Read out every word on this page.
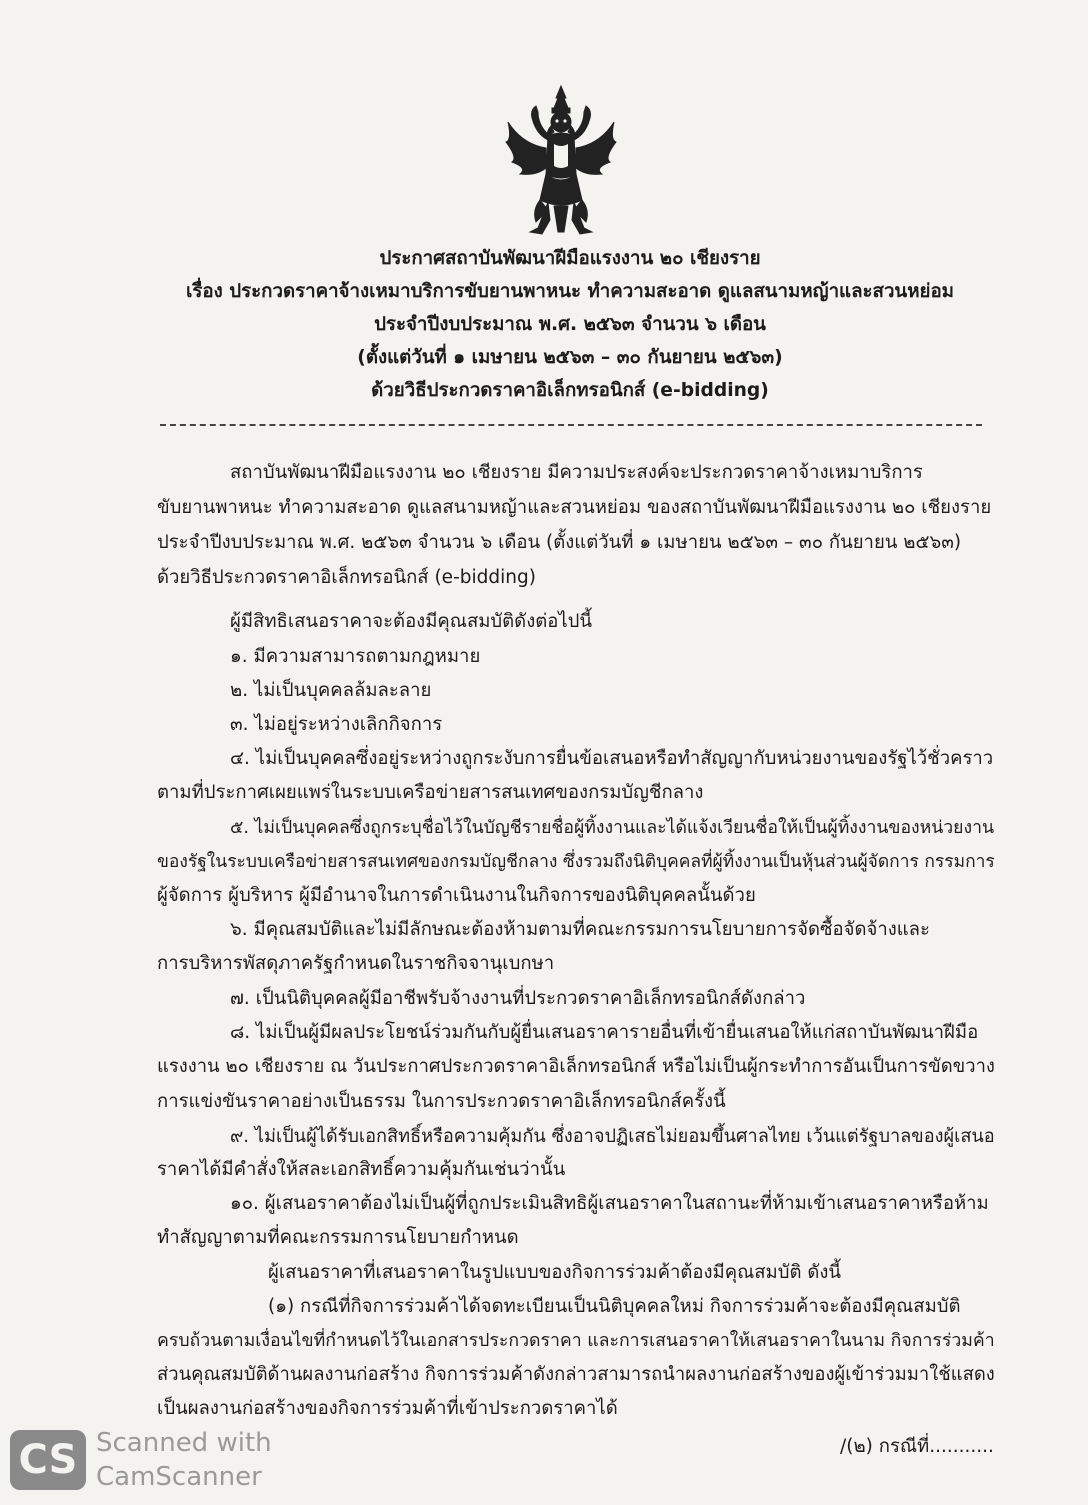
ประกาศสถาบันพัฒนาฝีมือแรงงาน ๒๐ เชียงราย
เรื่อง ประกวดราคาจ้างเหมาบริการขับยานพาหนะ ทำความสะอาด ดูแลสนามหญ้าและสวนหย่อม
ประจำปีงบประมาณ พ.ศ. ๒๕๖๓ จำนวน ๖ เดือน
(ตั้งแต่วันที่ ๑ เมษายน ๒๕๖๓ – ๓๐ กันยายน ๒๕๖๓)
ด้วยวิธีประกวดราคาอิเล็กทรอนิกส์ (e-bidding)
สถาบันพัฒนาฝีมือแรงงาน ๒๐ เชียงราย มีความประสงค์จะประกวดราคาจ้างเหมาบริการ
ขับยานพาหนะ ทำความสะอาด ดูแลสนามหญ้าและสวนหย่อม ของสถาบันพัฒนาฝีมือแรงงาน ๒๐ เชียงราย
ประจำปีงบประมาณ พ.ศ. ๒๕๖๓ จำนวน ๖ เดือน (ตั้งแต่วันที่ ๑ เมษายน ๒๕๖๓ – ๓๐ กันยายน ๒๕๖๓)
ด้วยวิธีประกวดราคาอิเล็กทรอนิกส์ (e-bidding)
ผู้มีสิทธิเสนอราคาจะต้องมีคุณสมบัติดังต่อไปนี้
๑. มีความสามารถตามกฎหมาย
๒. ไม่เป็นบุคคลล้มละลาย
๓. ไม่อยู่ระหว่างเลิกกิจการ
๔. ไม่เป็นบุคคลซึ่งอยู่ระหว่างถูกระงับการยื่นข้อเสนอหรือทำสัญญากับหน่วยงานของรัฐไว้ชั่วคราว
ตามที่ประกาศเผยแพร่ในระบบเครือข่ายสารสนเทศของกรมบัญชีกลาง
๕. ไม่เป็นบุคคลซึ่งถูกระบุชื่อไว้ในบัญชีรายชื่อผู้ทิ้งงานและได้แจ้งเวียนชื่อให้เป็นผู้ทิ้งงานของหน่วยงาน
ของรัฐในระบบเครือข่ายสารสนเทศของกรมบัญชีกลาง ซึ่งรวมถึงนิติบุคคลที่ผู้ทิ้งงานเป็นหุ้นส่วนผู้จัดการ กรรมการ
ผู้จัดการ ผู้บริหาร ผู้มีอำนาจในการดำเนินงานในกิจการของนิติบุคคลนั้นด้วย
๖. มีคุณสมบัติและไม่มีลักษณะต้องห้ามตามที่คณะกรรมการนโยบายการจัดซื้อจัดจ้างและ
การบริหารพัสดุภาครัฐกำหนดในราชกิจจานุเบกษา
๗. เป็นนิติบุคคลผู้มีอาชีพรับจ้างงานที่ประกวดราคาอิเล็กทรอนิกส์ดังกล่าว
๘. ไม่เป็นผู้มีผลประโยชน์ร่วมกันกับผู้ยื่นเสนอราคารายอื่นที่เข้ายื่นเสนอให้แก่สถาบันพัฒนาฝีมือ
แรงงาน ๒๐ เชียงราย ณ วันประกาศประกวดราคาอิเล็กทรอนิกส์ หรือไม่เป็นผู้กระทำการอันเป็นการขัดขวาง
การแข่งขันราคาอย่างเป็นธรรม ในการประกวดราคาอิเล็กทรอนิกส์ครั้งนี้
๙. ไม่เป็นผู้ได้รับเอกสิทธิ์หรือความคุ้มกัน ซึ่งอาจปฏิเสธไม่ยอมขึ้นศาลไทย เว้นแต่รัฐบาลของผู้เสนอ
ราคาได้มีคำสั่งให้สละเอกสิทธิ์ความคุ้มกันเช่นว่านั้น
๑๐. ผู้เสนอราคาต้องไม่เป็นผู้ที่ถูกประเมินสิทธิผู้เสนอราคาในสถานะที่ห้ามเข้าเสนอราคาหรือห้าม
ทำสัญญาตามที่คณะกรรมการนโยบายกำหนด
ผู้เสนอราคาที่เสนอราคาในรูปแบบของกิจการร่วมค้าต้องมีคุณสมบัติ ดังนี้
(๑) กรณีที่กิจการร่วมค้าได้จดทะเบียนเป็นนิติบุคคลใหม่ กิจการร่วมค้าจะต้องมีคุณสมบัติ
ครบถ้วนตามเงื่อนไขที่กำหนดไว้ในเอกสารประกวดราคา และการเสนอราคาให้เสนอราคาในนาม กิจการร่วมค้า
ส่วนคุณสมบัติด้านผลงานก่อสร้าง กิจการร่วมค้าดังกล่าวสามารถนำผลงานก่อสร้างของผู้เข้าร่วมมาใช้แสดง
เป็นผลงานก่อสร้างของกิจการร่วมค้าที่เข้าประกวดราคาได้
/(๒) กรณีที่...........
CS Scanned with
CamScanner
